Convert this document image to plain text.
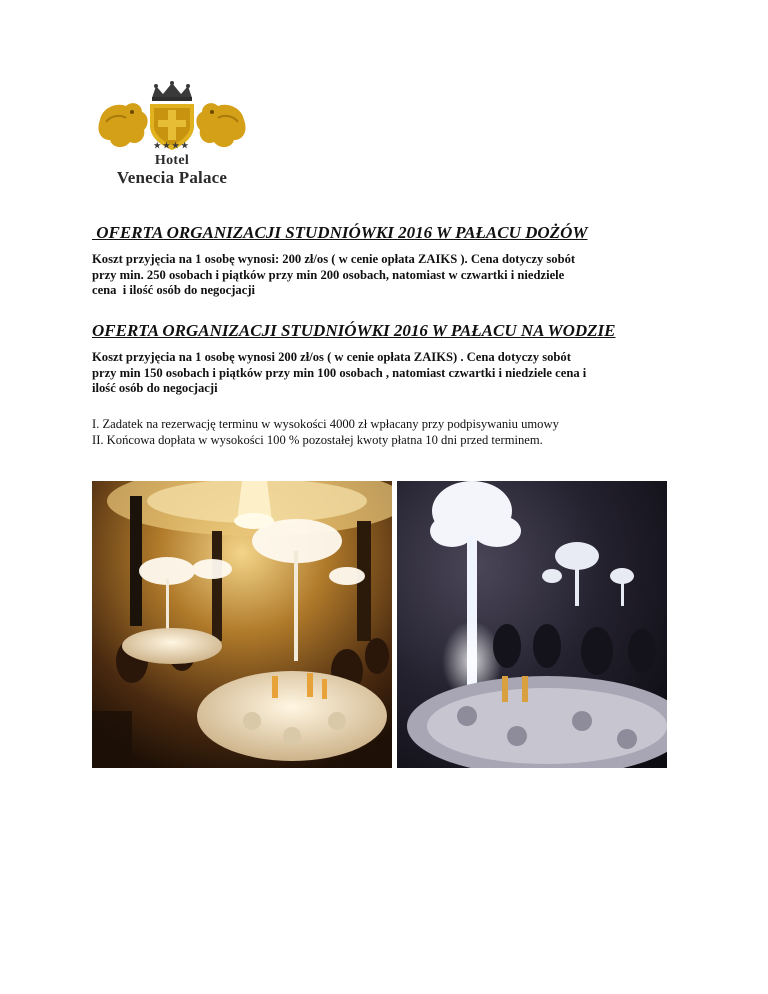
★★★★
Hotel
Venecia Palace
OFERTA ORGANIZACJI STUDNIÓWKI 2016 W PAŁACU DOŻÓW
Koszt przyjęcia na 1 osobę wynosi: 200 zł/os ( w cenie opłata ZAIKS ). Cena dotyczy sobót
przy min. 250 osobach i piątków przy min 200 osobach, natomiast w czwartki i niedziele
cena  i ilość osób do negocjacji
OFERTA ORGANIZACJI STUDNIÓWKI 2016 W PAŁACU NA WODZIE
Koszt przyjęcia na 1 osobę wynosi 200 zł/os ( w cenie opłata ZAIKS) . Cena dotyczy sobót
przy min 150 osobach i piątków przy min 100 osobach , natomiast czwartki i niedziele cena i
ilość osób do negocjacji
I. Zadatek na rezerwację terminu w wysokości 4000 zł wpłacany przy podpisywaniu umowy
II. Końcowa dopłata w wysokości 100 % pozostałej kwoty płatna 10 dni przed terminem.
